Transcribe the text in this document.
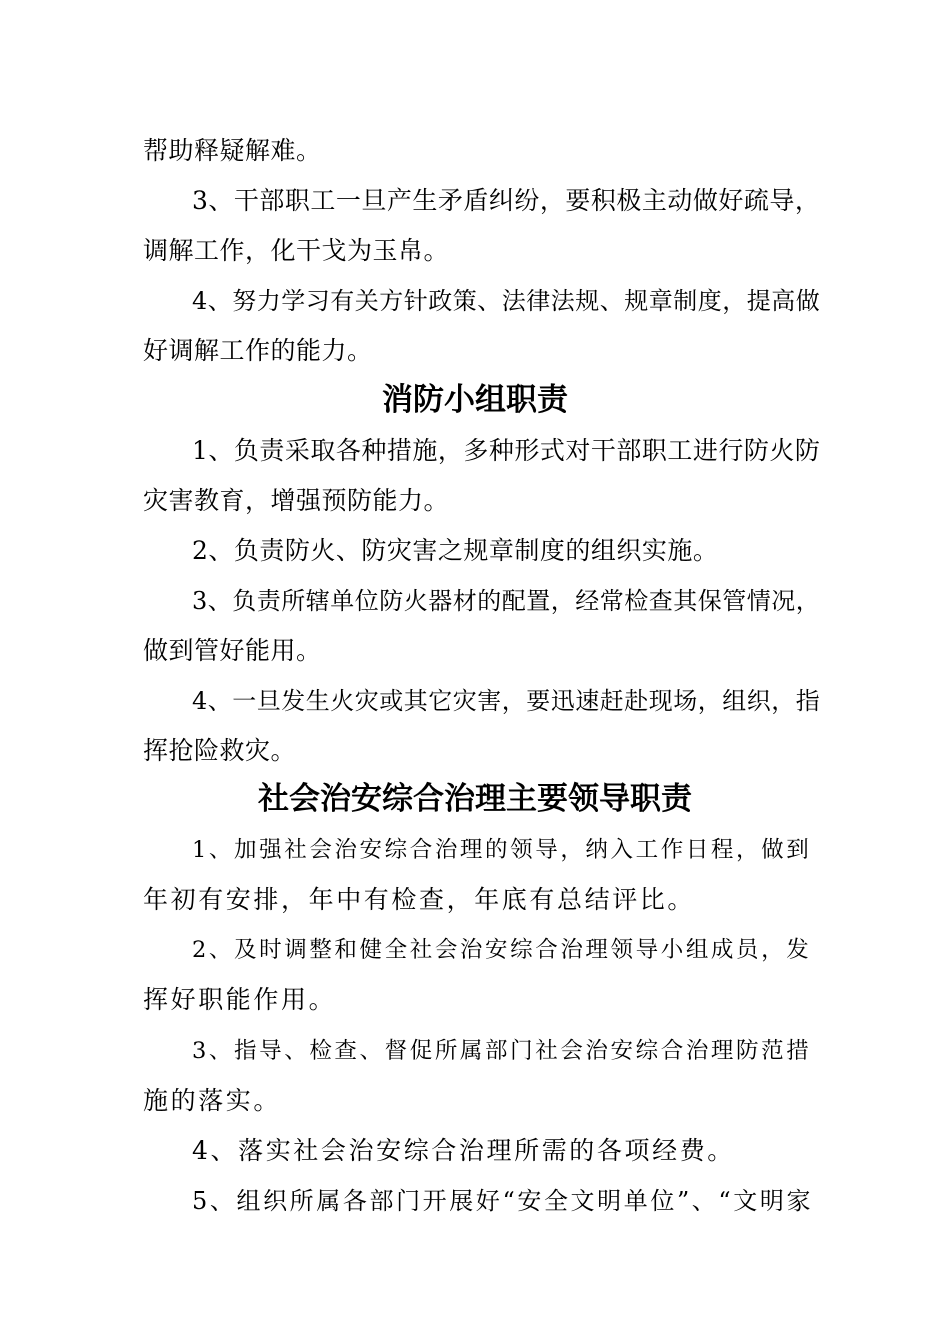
帮助释疑解难。
3、干部职工一旦产生矛盾纠纷，要积极主动做好疏导，
调解工作，化干戈为玉帛。
4、努力学习有关方针政策、法律法规、规章制度，提高做
好调解工作的能力。
消防小组职责
1、负责采取各种措施，多种形式对干部职工进行防火防
灾害教育，增强预防能力。
2、负责防火、防灾害之规章制度的组织实施。
3、负责所辖单位防火器材的配置，经常检查其保管情况，
做到管好能用。
4、一旦发生火灾或其它灾害，要迅速赶赴现场，组织，指
挥抢险救灾。
社会治安综合治理主要领导职责
1、加强社会治安综合治理的领导，纳入工作日程，做到
年初有安排，年中有检查，年底有总结评比。
2、及时调整和健全社会治安综合治理领导小组成员，发
挥好职能作用。
3、指导、检查、督促所属部门社会治安综合治理防范措
施的落实。
4、落实社会治安综合治理所需的各项经费。
5、组织所属各部门开展好“安全文明单位”、“文明家
